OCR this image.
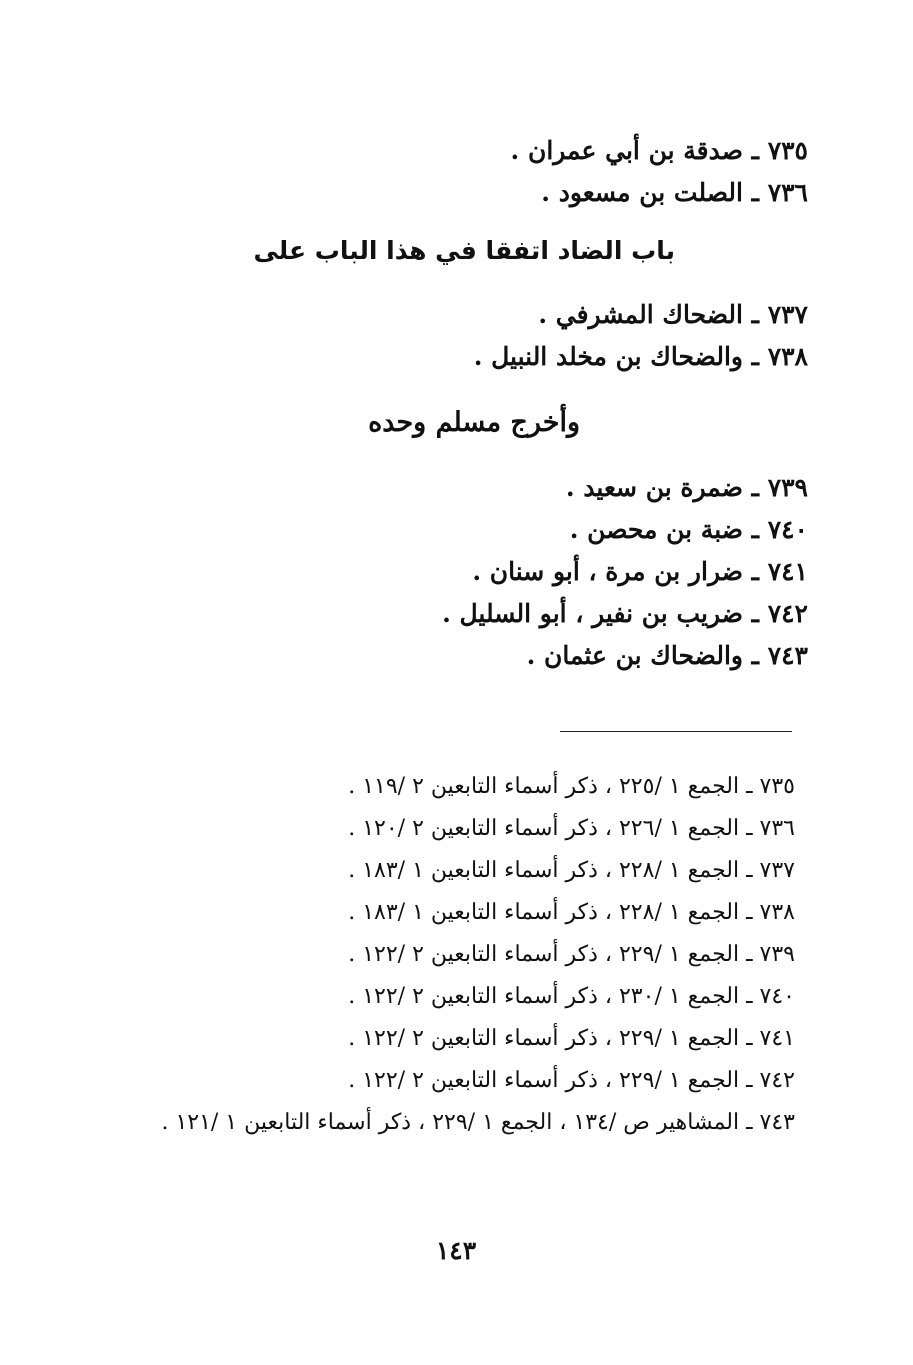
٧٣٥ ـ صدقة بن أبي عمران .
٧٣٦ ـ الصلت بن مسعود .
باب الضاد اتفقا في هذا الباب على
٧٣٧ ـ الضحاك المشرفي .
٧٣٨ ـ والضحاك بن مخلد النبيل .
وأخرج مسلم وحده
٧٣٩ ـ ضمرة بن سعيد .
٧٤٠ ـ ضبة بن محصن .
٧٤١ ـ ضرار بن مرة ، أبو سنان .
٧٤٢ ـ ضريب بن نفير ، أبو السليل .
٧٤٣ ـ والضحاك بن عثمان .
٧٣٥ ـ الجمع ١ /٢٢٥ ، ذكر أسماء التابعين ٢ /١١٩ .
٧٣٦ ـ الجمع ١ /٢٢٦ ، ذكر أسماء التابعين ٢ /١٢٠ .
٧٣٧ ـ الجمع ١ /٢٢٨ ، ذكر أسماء التابعين ١ /١٨٣ .
٧٣٨ ـ الجمع ١ /٢٢٨ ، ذكر أسماء التابعين ١ /١٨٣ .
٧٣٩ ـ الجمع ١ /٢٢٩ ، ذكر أسماء التابعين ٢ /١٢٢ .
٧٤٠ ـ الجمع ١ /٢٣٠ ، ذكر أسماء التابعين ٢ /١٢٢ .
٧٤١ ـ الجمع ١ /٢٢٩ ، ذكر أسماء التابعين ٢ /١٢٢ .
٧٤٢ ـ الجمع ١ /٢٢٩ ، ذكر أسماء التابعين ٢ /١٢٢ .
٧٤٣ ـ المشاهير ص /١٣٤ ، الجمع ١ /٢٢٩ ، ذكر أسماء التابعين ١ /١٢١ .
١٤٣
